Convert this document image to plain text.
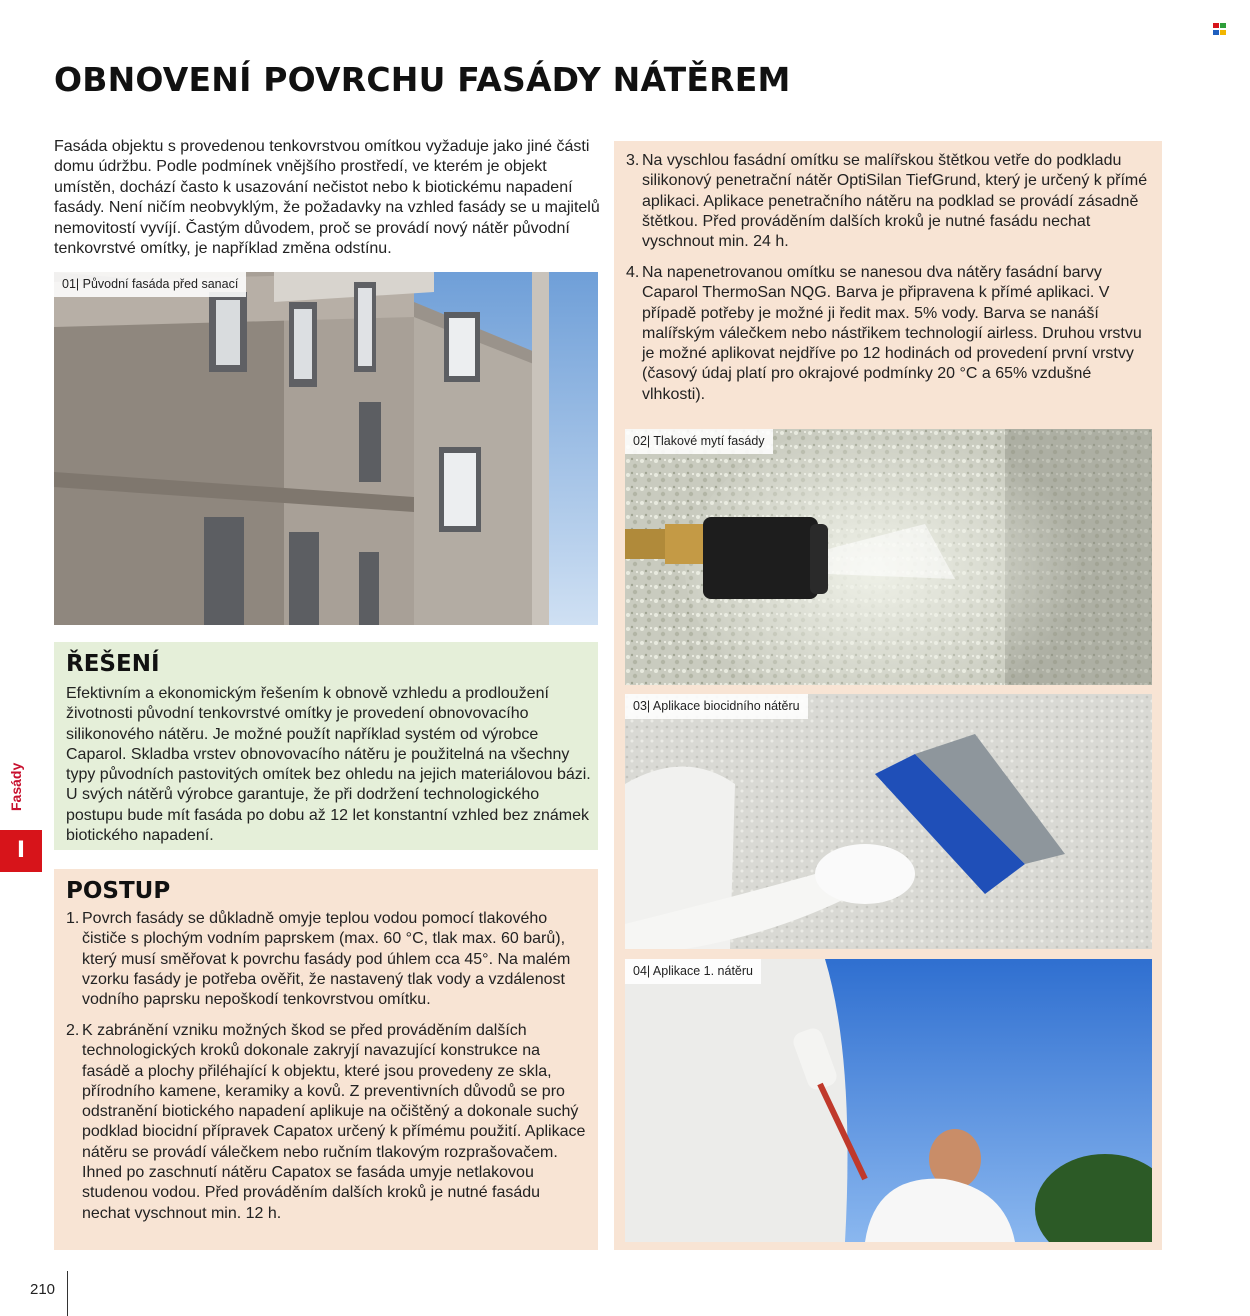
OBNOVENÍ POVRCHU FASÁDY NÁTĚREM
Fasáda objektu s provedenou tenkovrstvou omítkou vyžaduje jako jiné části domu údržbu. Podle podmínek vnějšího prostředí, ve kterém je objekt umístěn, dochází často k usazování nečistot nebo k biotickému napadení fasády. Není ničím neobvyklým, že požadavky na vzhled fasády se u majitelů nemovitostí vyvíjí. Častým důvodem, proč se provádí nový nátěr původní tenkovrstvé omítky, je například změna odstínu.
01| Původní fasáda před sanací
ŘEŠENÍ
Efektivním a ekonomickým řešením k obnově vzhledu a prodloužení životnosti původní tenkovrstvé omítky je provedení obnovovacího silikonového nátěru. Je možné použít například systém od výrobce Caparol. Skladba vrstev obnovovacího nátěru je použitelná na všechny typy původních pastovitých omítek bez ohledu na jejich materiálovou bázi. U svých nátěrů výrobce garantuje, že při dodržení technologického postupu bude mít fasáda po dobu až 12 let konstantní vzhled bez známek biotického napadení.
POSTUP
1. Povrch fasády se důkladně omyje teplou vodou pomocí tlakového čističe s plochým vodním paprskem (max. 60 °C, tlak max. 60 barů), který musí směřovat k povrchu fasády pod úhlem cca 45°. Na malém vzorku fasády je potřeba ověřit, že nastavený tlak vody a vzdálenost vodního paprsku nepoškodí tenkovrstvou omítku.
2. K zabránění vzniku možných škod se před prováděním dalších technologických kroků dokonale zakryjí navazující konstrukce na fasádě a plochy přiléhající k objektu, které jsou provedeny ze skla, přírodního kamene, keramiky a kovů. Z preventivních důvodů se pro odstranění biotického napadení aplikuje na očištěný a dokonale suchý podklad biocidní přípravek Capatox určený k přímému použití. Aplikace nátěru se provádí válečkem nebo ručním tlakovým rozprašovačem. Ihned po zaschnutí nátěru Capatox se fasáda umyje netlakovou studenou vodou. Před prováděním dalších kroků je nutné fasádu nechat vyschnout min. 12 h.
3. Na vyschlou fasádní omítku se malířskou štětkou vetře do podkladu silikonový penetrační nátěr OptiSilan TiefGrund, který je určený k přímé aplikaci. Aplikace penetračního nátěru na podklad se provádí zásadně štětkou. Před prováděním dalších kroků je nutné fasádu nechat vyschnout min. 24 h.
4. Na napenetrovanou omítku se nanesou dva nátěry fasádní barvy Caparol ThermoSan NQG. Barva je připravena k přímé aplikaci. V případě potřeby je možné ji ředit max. 5% vody. Barva se nanáší malířským válečkem nebo nástřikem technologií airless. Druhou vrstvu je možné aplikovat nejdříve po 12 hodinách od provedení první vrstvy (časový údaj platí pro okrajové podmínky 20 °C a 65% vzdušné vlhkosti).
02| Tlakové mytí fasády
03| Aplikace biocidního nátěru
04| Aplikace 1. nátěru
Fasády
I
210
